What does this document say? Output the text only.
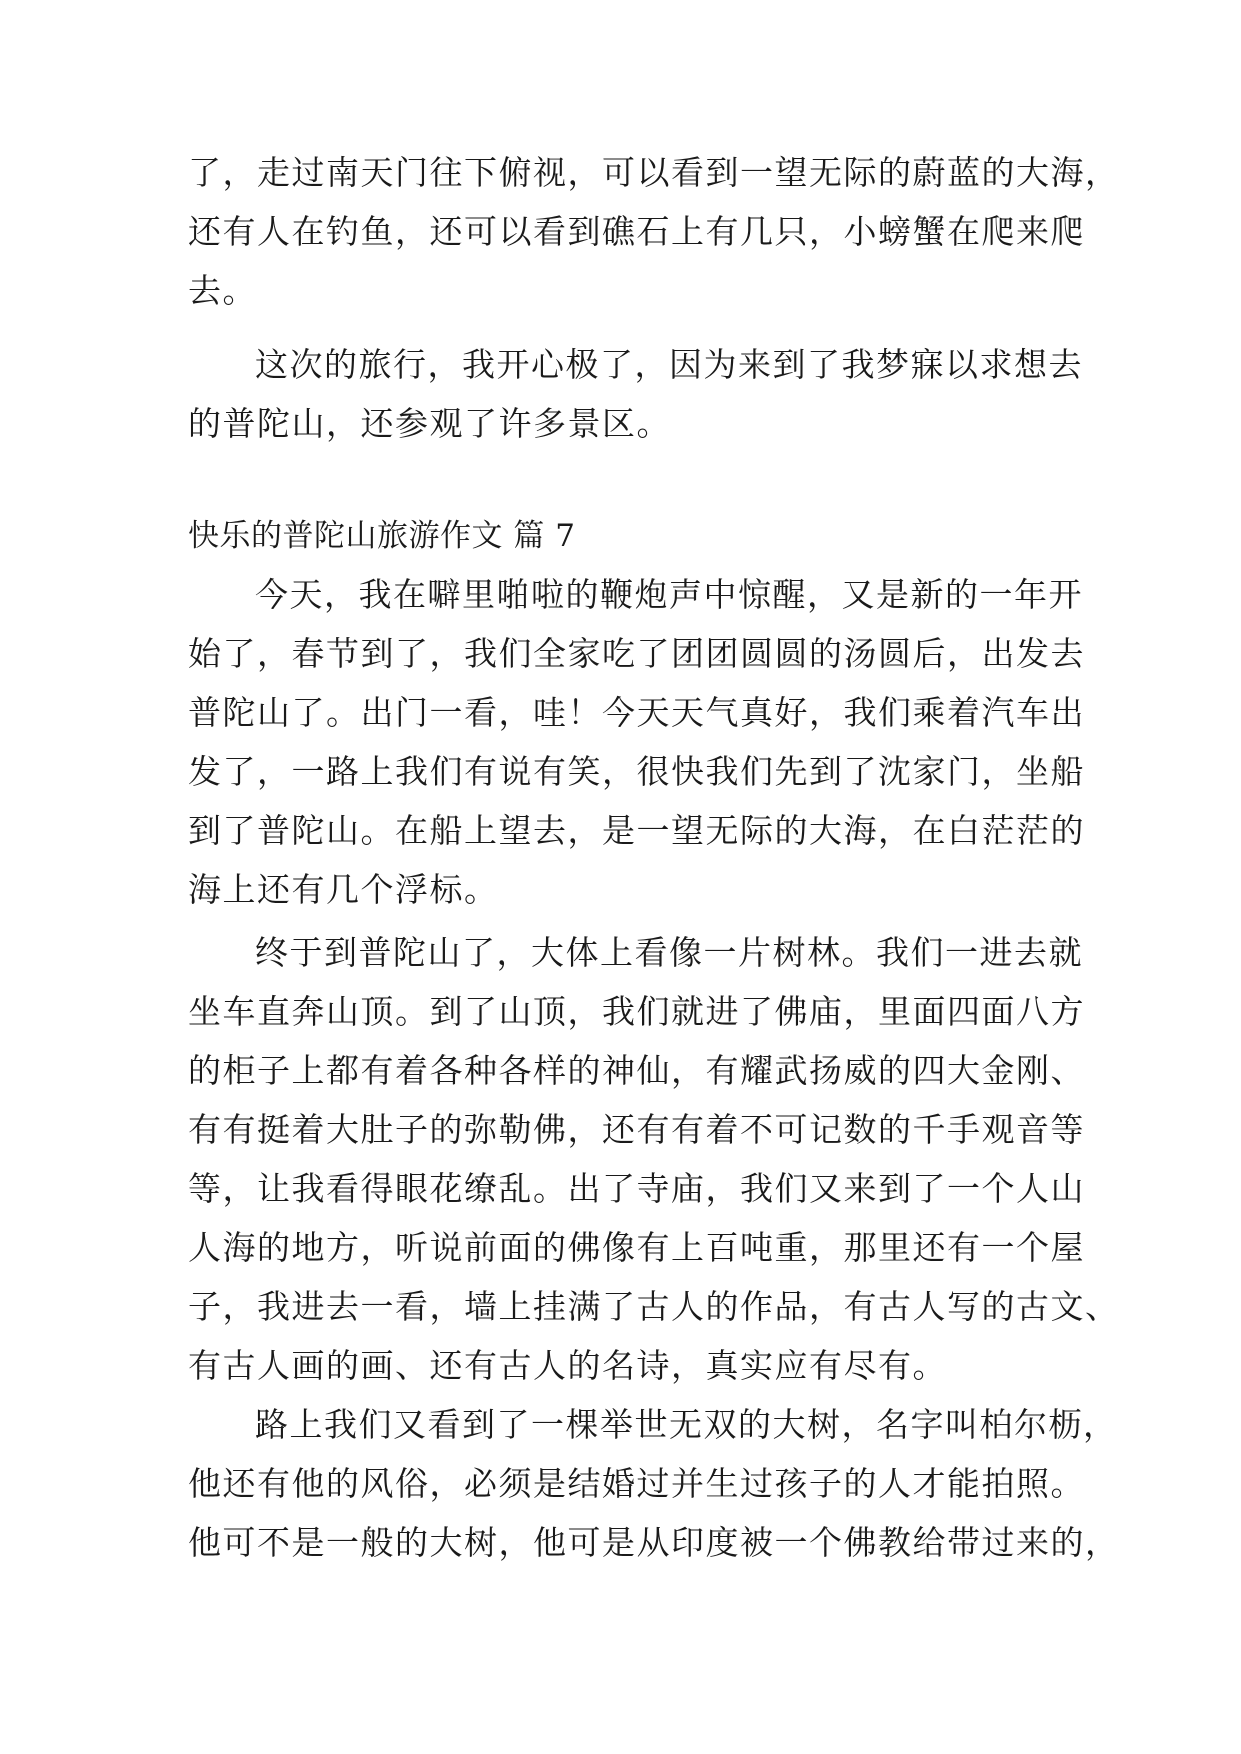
了，走过南天门往下俯视，可以看到一望无际的蔚蓝的大海，
还有人在钓鱼，还可以看到礁石上有几只，小螃蟹在爬来爬
去。
这次的旅行，我开心极了，因为来到了我梦寐以求想去
的普陀山，还参观了许多景区。
快乐的普陀山旅游作文 篇 7
今天，我在噼里啪啦的鞭炮声中惊醒，又是新的一年开
始了，春节到了，我们全家吃了团团圆圆的汤圆后，出发去
普陀山了。出门一看，哇！今天天气真好，我们乘着汽车出
发了，一路上我们有说有笑，很快我们先到了沈家门，坐船
到了普陀山。在船上望去，是一望无际的大海，在白茫茫的
海上还有几个浮标。
终于到普陀山了，大体上看像一片树林。我们一进去就
坐车直奔山顶。到了山顶，我们就进了佛庙，里面四面八方
的柜子上都有着各种各样的神仙，有耀武扬威的四大金刚、
有有挺着大肚子的弥勒佛，还有有着不可记数的千手观音等
等，让我看得眼花缭乱。出了寺庙，我们又来到了一个人山
人海的地方，听说前面的佛像有上百吨重，那里还有一个屋
子，我进去一看，墙上挂满了古人的作品，有古人写的古文、
有古人画的画、还有古人的名诗，真实应有尽有。
路上我们又看到了一棵举世无双的大树，名字叫柏尔枥，
他还有他的风俗，必须是结婚过并生过孩子的人才能拍照。
他可不是一般的大树，他可是从印度被一个佛教给带过来的，
